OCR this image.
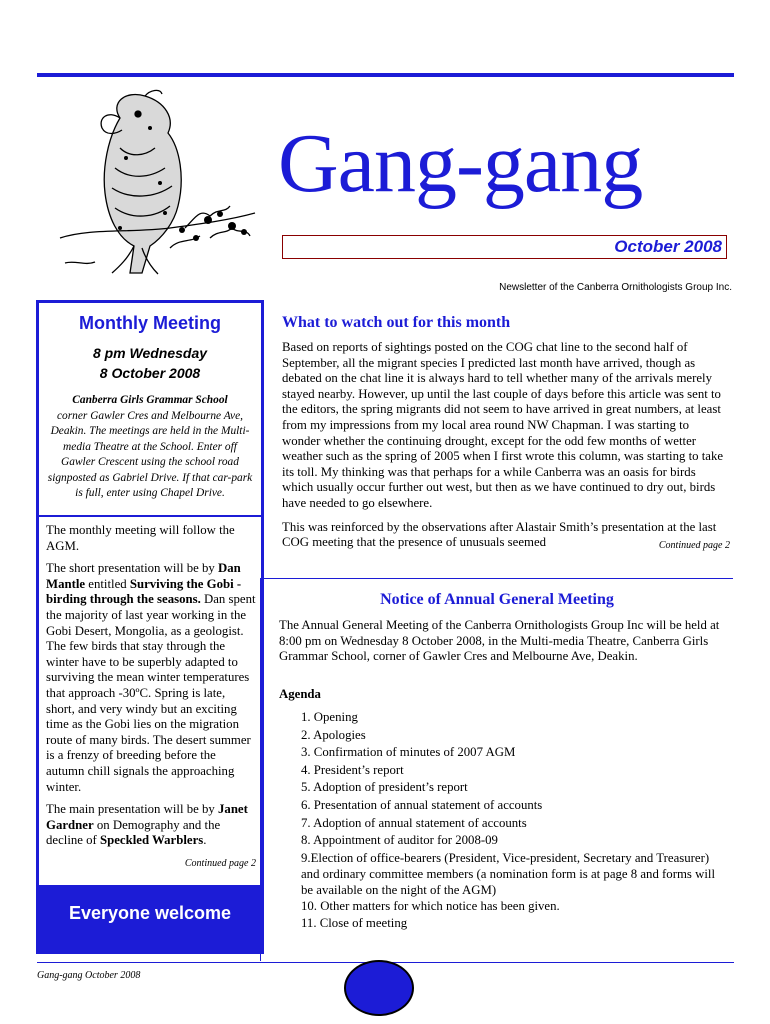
Gang-gang
October 2008
Newsletter of the Canberra Ornithologists Group Inc.
Monthly Meeting
8 pm Wednesday
8 October 2008
Canberra Girls Grammar School
corner Gawler Cres and Melbourne Ave, Deakin. The meetings are held in the Multi-media Theatre at the School. Enter off Gawler Crescent using the school road signposted as Gabriel Drive. If that car-park is full, enter using Chapel Drive.

The monthly meeting will follow the AGM.

The short presentation will be by Dan Mantle entitled Surviving the Gobi - birding through the seasons. Dan spent the majority of last year working in the Gobi Desert, Mongolia, as a geologist. The few birds that stay through the winter have to be superbly adapted to surviving the mean winter temperatures that approach -30ºC. Spring is late, short, and very windy but an exciting time as the Gobi lies on the migration route of many birds. The desert summer is a frenzy of breeding before the autumn chill signals the approaching winter.

The main presentation will be by Janet Gardner on Demography and the decline of Speckled Warblers.

Continued page 2
Everyone welcome
What to watch out for this month

Based on reports of sightings posted on the COG chat line to the second half of September, all the migrant species I predicted last month have arrived, though as debated on the chat line it is always hard to tell whether many of the arrivals merely stayed nearby. However, up until the last couple of days before this article was sent to the editors, the spring migrants did not seem to have arrived in great numbers, at least from my impressions from my local area round NW Chapman. I was starting to wonder whether the continuing drought, except for the odd few months of wetter weather such as the spring of 2005 when I first wrote this column, was starting to take its toll. My thinking was that perhaps for a while Canberra was an oasis for birds which usually occur further out west, but then as we have continued to dry out, birds have needed to go elsewhere.

This was reinforced by the observations after Alastair Smith’s presentation at the last COG meeting that the presence of unusuals seemed	Continued page 2

Notice of Annual General Meeting
The Annual General Meeting of the Canberra Ornithologists Group Inc will be held at 8:00 pm on Wednesday 8 October 2008, in the Multi-media Theatre, Canberra Girls Grammar School, corner of Gawler Cres and Melbourne Ave, Deakin.
Agenda
1. Opening
2. Apologies
3. Confirmation of minutes of 2007 AGM
4. President’s report
5. Adoption of president’s report
6. Presentation of annual statement of accounts
7. Adoption of annual statement of accounts
8. Appointment of auditor for 2008-09
9.Election of office-bearers (President, Vice-president, Secretary and Treasurer) and ordinary committee members (a nomination form is at page 8 and forms will be available on the night of the AGM)
10. Other matters for which notice has been given.
11. Close of meeting
Gang-gang October 2008
